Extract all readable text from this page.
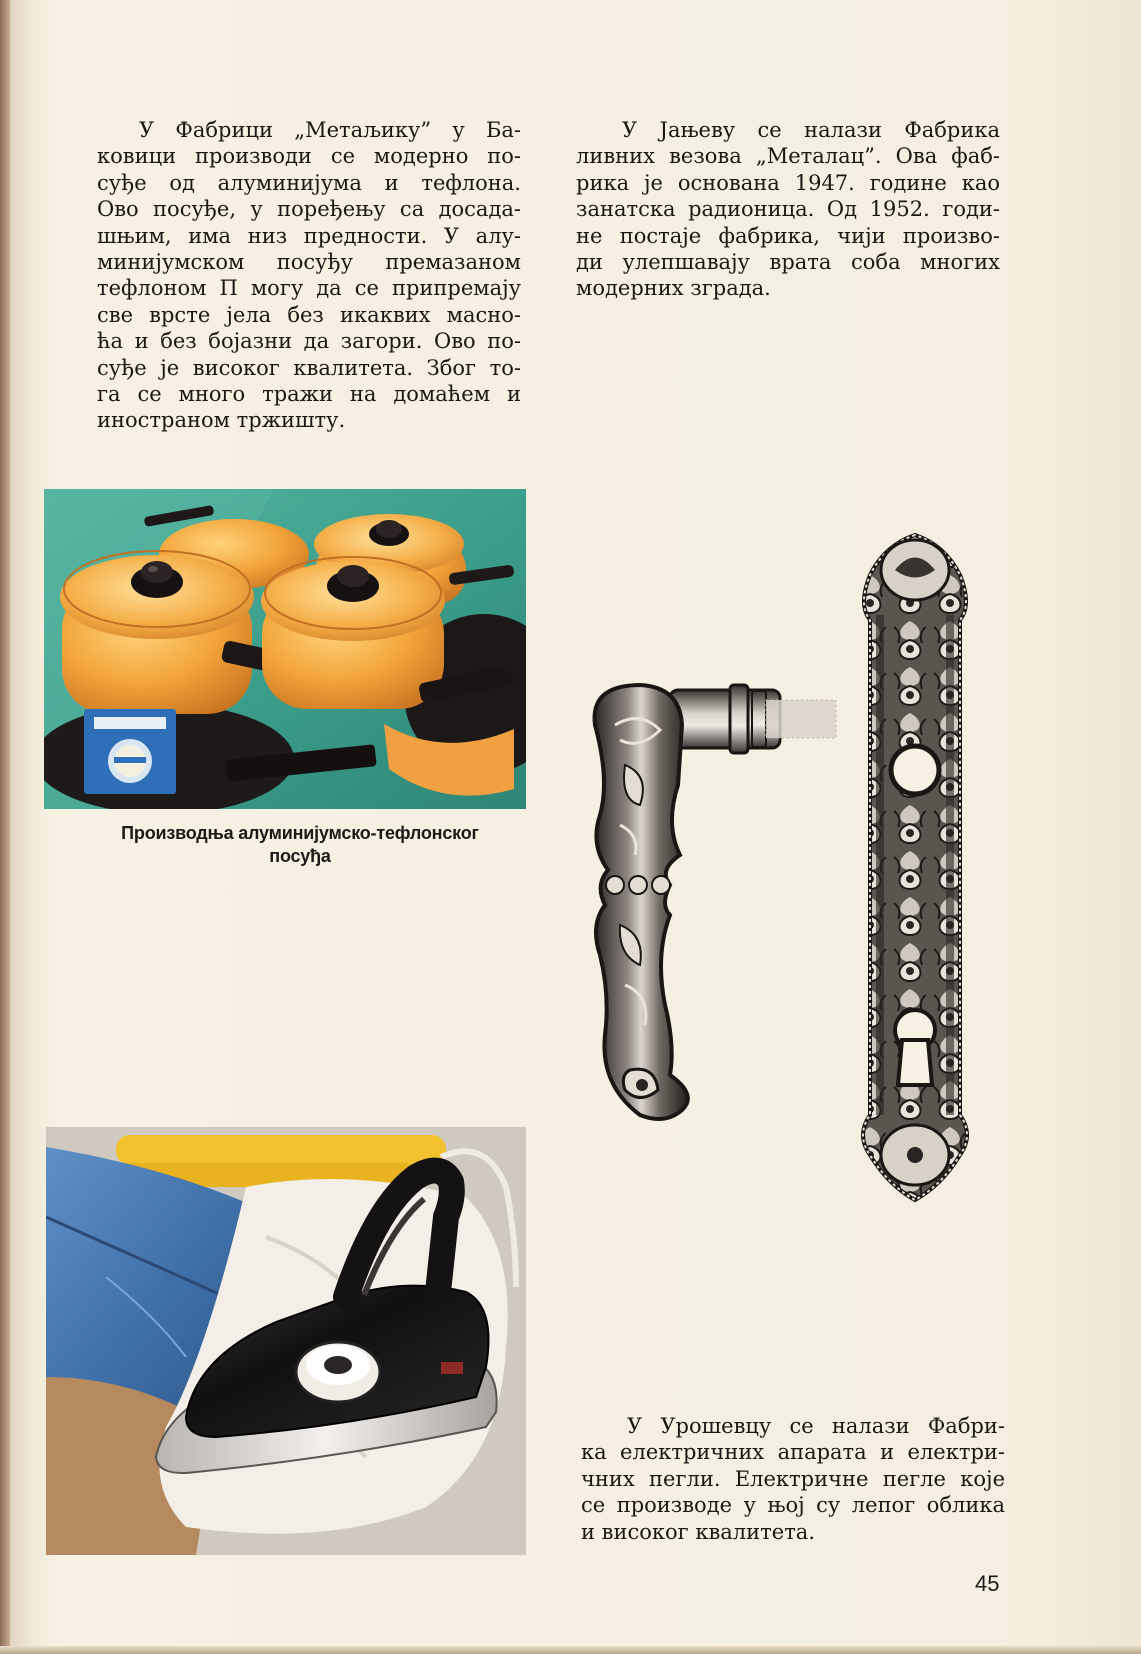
У Фабрици „Метаљику” у Ба-
ковици производи се модерно по-
суђе од алуминијума и тефлона.
Ово посуђе, у поређењу са досада-
шњим, има низ предности. У алу-
минијумском посуђу премазаном
тефлоном П могу да се припремају
све врсте јела без икаквих масно-
ћа и без бојазни да загори. Ово по-
суђе је високог квалитета. Због то-
га се много тражи на домаћем и
иностраном тржишту.
У Јањеву се налази Фабрика
ливних везова „Металац”. Ова фаб-
рика је основана 1947. године као
занатска радионица. Од 1952. годи-
не постаје фабрика, чији произво-
ди улепшавају врата соба многих
модерних зграда.
Производња алуминијумско-тефлонског
посуђа
У Урошевцу се налази Фабри-
ка електричних апарата и електри-
чних пегли. Електричне пегле које
се производе у њој су лепог облика
и високог квалитета.
45
